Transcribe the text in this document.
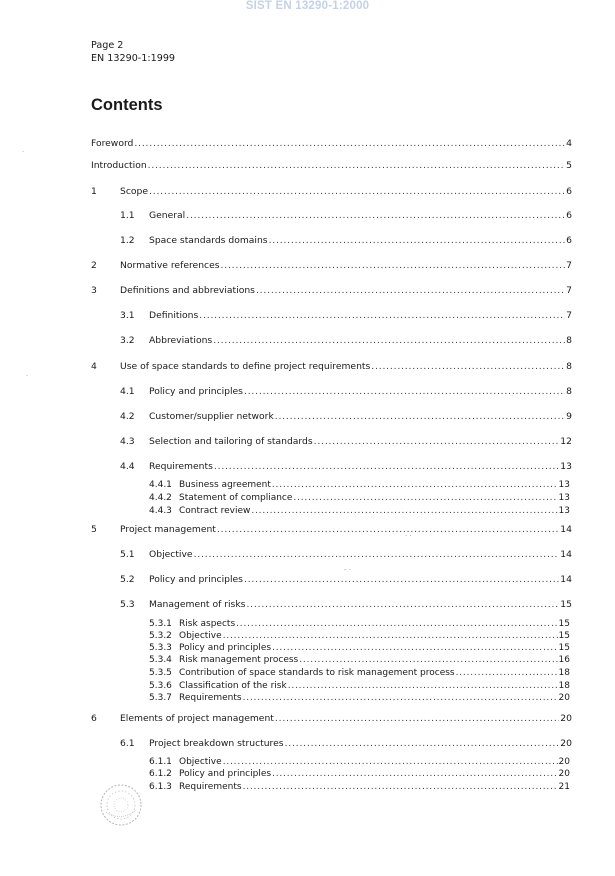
SIST EN 13290-1:2000
Page 2
EN 13290-1:1999
Contents
Foreword .....	4
Introduction .....	5
1	Scope .....	6
1.1	General .....	6
1.2	Space standards domains .....	6
2	Normative references .....	7
3	Definitions and abbreviations .....	7
3.1	Definitions .....	7
3.2	Abbreviations .....	8
4	Use of space standards to define project requirements .....	8
4.1	Policy and principles .....	8
4.2	Customer/supplier network .....	9
4.3	Selection and tailoring of standards .....	12
4.4	Requirements .....	13
4.4.1 Business agreement .....	13
4.4.2 Statement of compliance .....	13
4.4.3 Contract review .....	13
5	Project management .....	14
5.1	Objective .....	14
5.2	Policy and principles .....	14
5.3	Management of risks .....	15
5.3.1 Risk aspects .....	15
5.3.2 Objective .....	15
5.3.3 Policy and principles .....	15
5.3.4 Risk management process .....	16
5.3.5 Contribution of space standards to risk management process .....	18
5.3.6 Classification of the risk .....	18
5.3.7 Requirements .....	20
6	Elements of project management .....	20
6.1	Project breakdown structures .....	20
6.1.1 Objective .....	20
6.1.2 Policy and principles .....	20
6.1.3 Requirements .....	21
·
·
· ·
- ·
